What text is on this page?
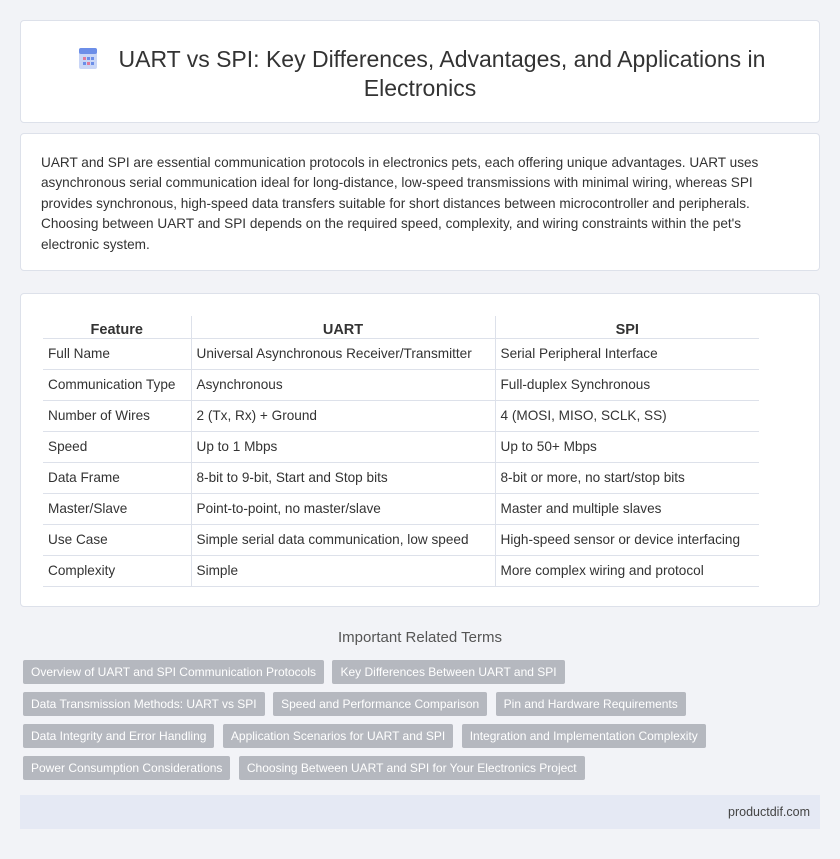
UART vs SPI: Key Differences, Advantages, and Applications in Electronics

UART and SPI are essential communication protocols in electronics pets, each offering unique advantages. UART uses asynchronous serial communication ideal for long-distance, low-speed transmissions with minimal wiring, whereas SPI provides synchronous, high-speed data transfers suitable for short distances between microcontroller and peripherals. Choosing between UART and SPI depends on the required speed, complexity, and wiring constraints within the pet's electronic system.

Feature	UART	SPI
Full Name	Universal Asynchronous Receiver/Transmitter	Serial Peripheral Interface
Communication Type	Asynchronous	Full-duplex Synchronous
Number of Wires	2 (Tx, Rx) + Ground	4 (MOSI, MISO, SCLK, SS)
Speed	Up to 1 Mbps	Up to 50+ Mbps
Data Frame	8-bit to 9-bit, Start and Stop bits	8-bit or more, no start/stop bits
Master/Slave	Point-to-point, no master/slave	Master and multiple slaves
Use Case	Simple serial data communication, low speed	High-speed sensor or device interfacing
Complexity	Simple	More complex wiring and protocol
Important Related Terms
Overview of UART and SPI Communication Protocols Key Differences Between UART and SPI Data Transmission Methods: UART vs SPI Speed and Performance Comparison Pin and Hardware Requirements Data Integrity and Error Handling Application Scenarios for UART and SPI Integration and Implementation Complexity Power Consumption Considerations Choosing Between UART and SPI for Your Electronics Project
productdif.com
